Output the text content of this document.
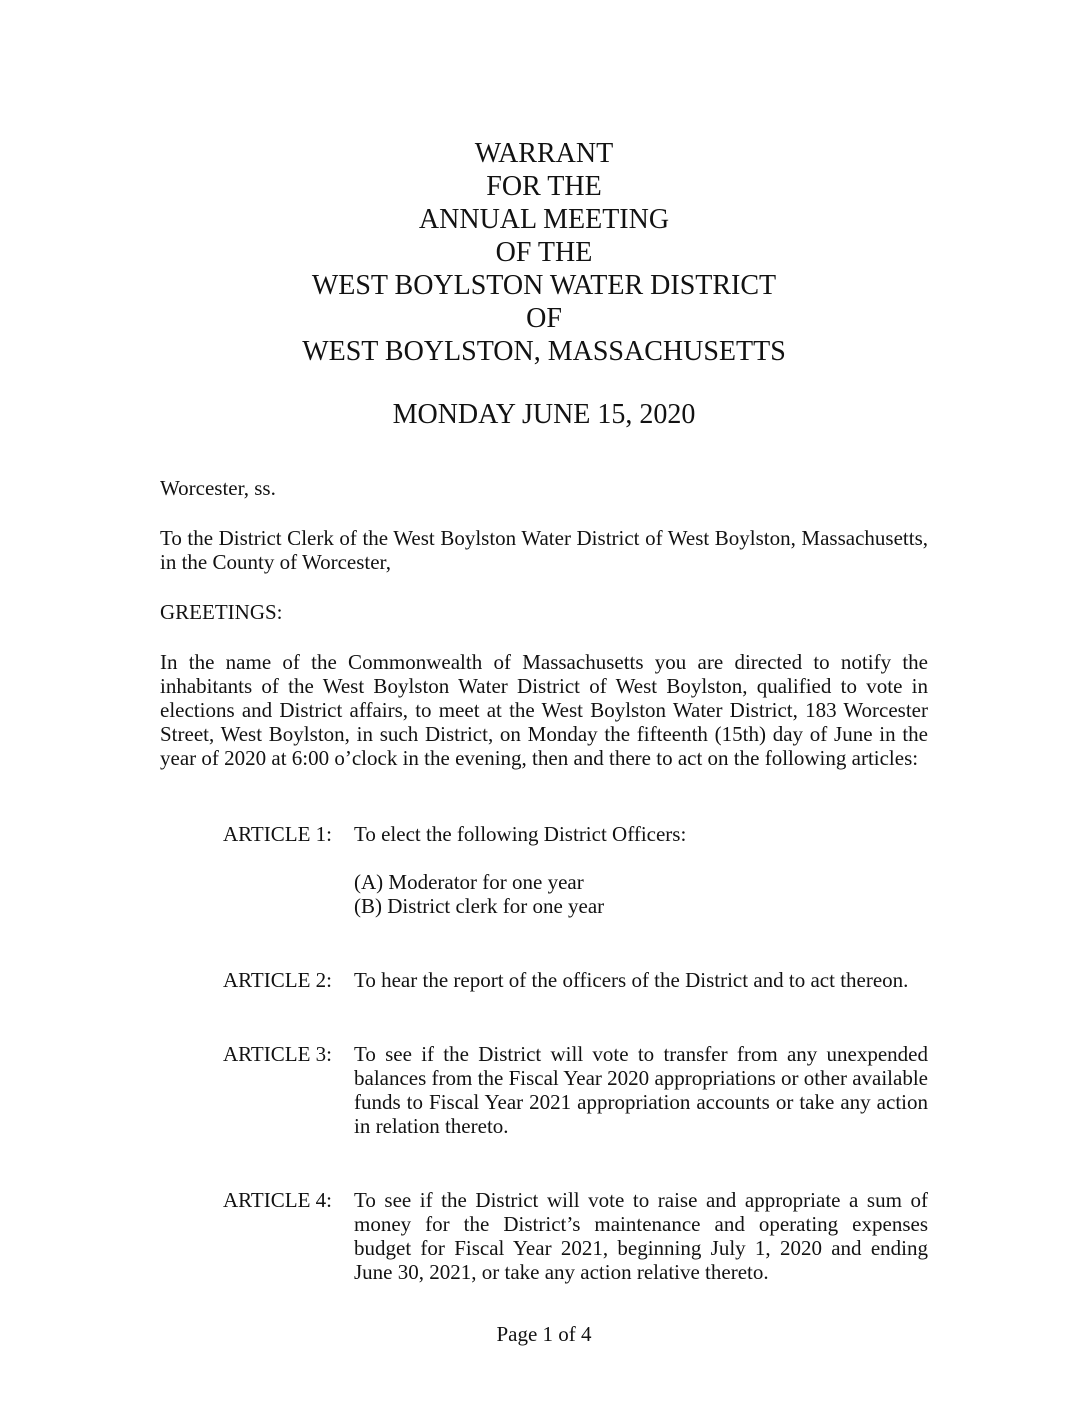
WARRANT
FOR THE
ANNUAL MEETING
OF THE
WEST BOYLSTON WATER DISTRICT
OF
WEST BOYLSTON, MASSACHUSETTS
MONDAY JUNE 15, 2020
Worcester, ss.
To the District Clerk of the West Boylston Water District of West Boylston, Massachusetts, in the County of Worcester,
GREETINGS:
In the name of the Commonwealth of Massachusetts you are directed to notify the inhabitants of the West Boylston Water District of West Boylston, qualified to vote in elections and District affairs, to meet at the West Boylston Water District, 183 Worcester Street, West Boylston, in such District, on Monday the fifteenth (15th) day of June in the year of 2020 at 6:00 o’clock in the evening, then and there to act on the following articles:
ARTICLE 1:	To elect the following District Officers:
(A) Moderator for one year
(B) District clerk for one year
ARTICLE 2:	To hear the report of the officers of the District and to act thereon.
ARTICLE 3:	To see if the District will vote to transfer from any unexpended balances from the Fiscal Year 2020 appropriations or other available funds to Fiscal Year 2021 appropriation accounts or take any action in relation thereto.
ARTICLE 4:	To see if the District will vote to raise and appropriate a sum of money for the District’s maintenance and operating expenses budget for Fiscal Year 2021, beginning July 1, 2020 and ending June 30, 2021, or take any action relative thereto.
Page 1 of 4
